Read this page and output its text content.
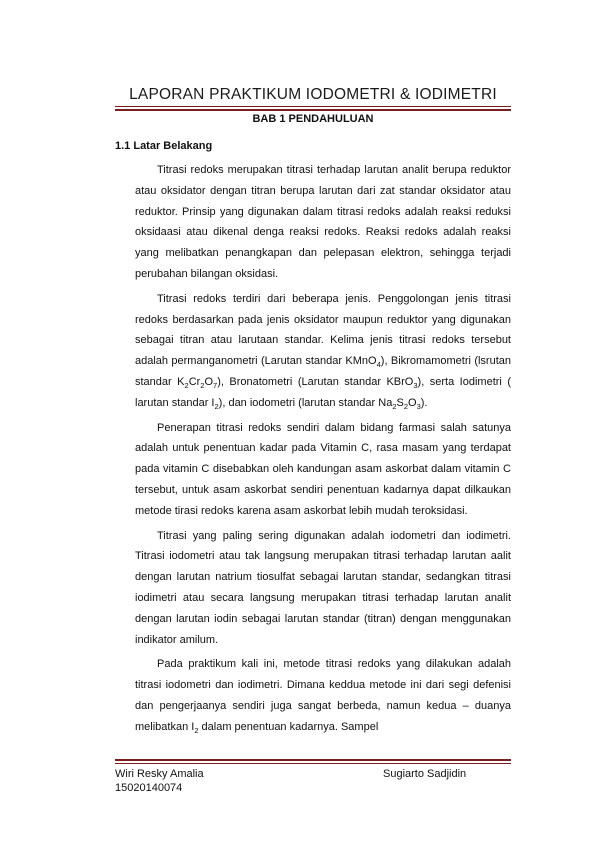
LAPORAN PRAKTIKUM IODOMETRI & IODIMETRI
BAB 1 PENDAHULUAN
1.1 Latar Belakang

Titrasi redoks merupakan titrasi terhadap larutan analit berupa reduktor atau oksidator dengan titran berupa larutan dari zat standar oksidator atau reduktor. Prinsip yang digunakan dalam titrasi redoks adalah reaksi reduksi oksidaasi atau dikenal denga reaksi redoks. Reaksi redoks adalah reaksi yang melibatkan penangkapan dan pelepasan elektron, sehingga terjadi perubahan bilangan oksidasi.

Titrasi redoks terdiri dari beberapa jenis. Penggolongan jenis titrasi redoks berdasarkan pada jenis oksidator maupun reduktor yang digunakan sebagai titran atau larutaan standar. Kelima jenis titrasi redoks tersebut adalah permanganometri (Larutan standar KMnO$_4$), Bikromamometri (lsrutan standar $K_2Cr_2O_7$), Bronatometri (Larutan standar KBrO$_3$), serta Iodimetri ( larutan standar $I_2$), dan iodometri (larutan standar $Na_2S_2O_3$).

Penerapan titrasi redoks sendiri dalam bidang farmasi salah satunya adalah untuk penentuan kadar pada Vitamin C, rasa masam yang terdapat pada vitamin C disebabkan oleh kandungan asam askorbat dalam vitamin C tersebut, untuk asam askorbat sendiri penentuan kadarnya dapat dilkaukan metode tirasi redoks karena asam askorbat lebih mudah teroksidasi.

Titrasi yang paling sering digunakan adalah iodometri dan iodimetri. Titrasi iodometri atau tak langsung merupakan titrasi terhadap larutan aalit dengan larutan natrium tiosulfat sebagai larutan standar, sedangkan titrasi iodimetri atau secara langsung merupakan titrasi terhadap larutan analit dengan larutan iodin sebagai larutan standar (titran) dengan menggunakan indikator amilum.

Pada praktikum kali ini, metode titrasi redoks yang dilakukan adalah titrasi iodometri dan iodimetri. Dimana keddua metode ini dari segi defenisi dan pengerjaanya sendiri juga sangat berbeda, namun kedua – duanya melibatkan $I_2$ dalam penentuan kadarnya. Sampel

Wiri Resky Amalia
15020140074
Sugiarto Sadjidin
